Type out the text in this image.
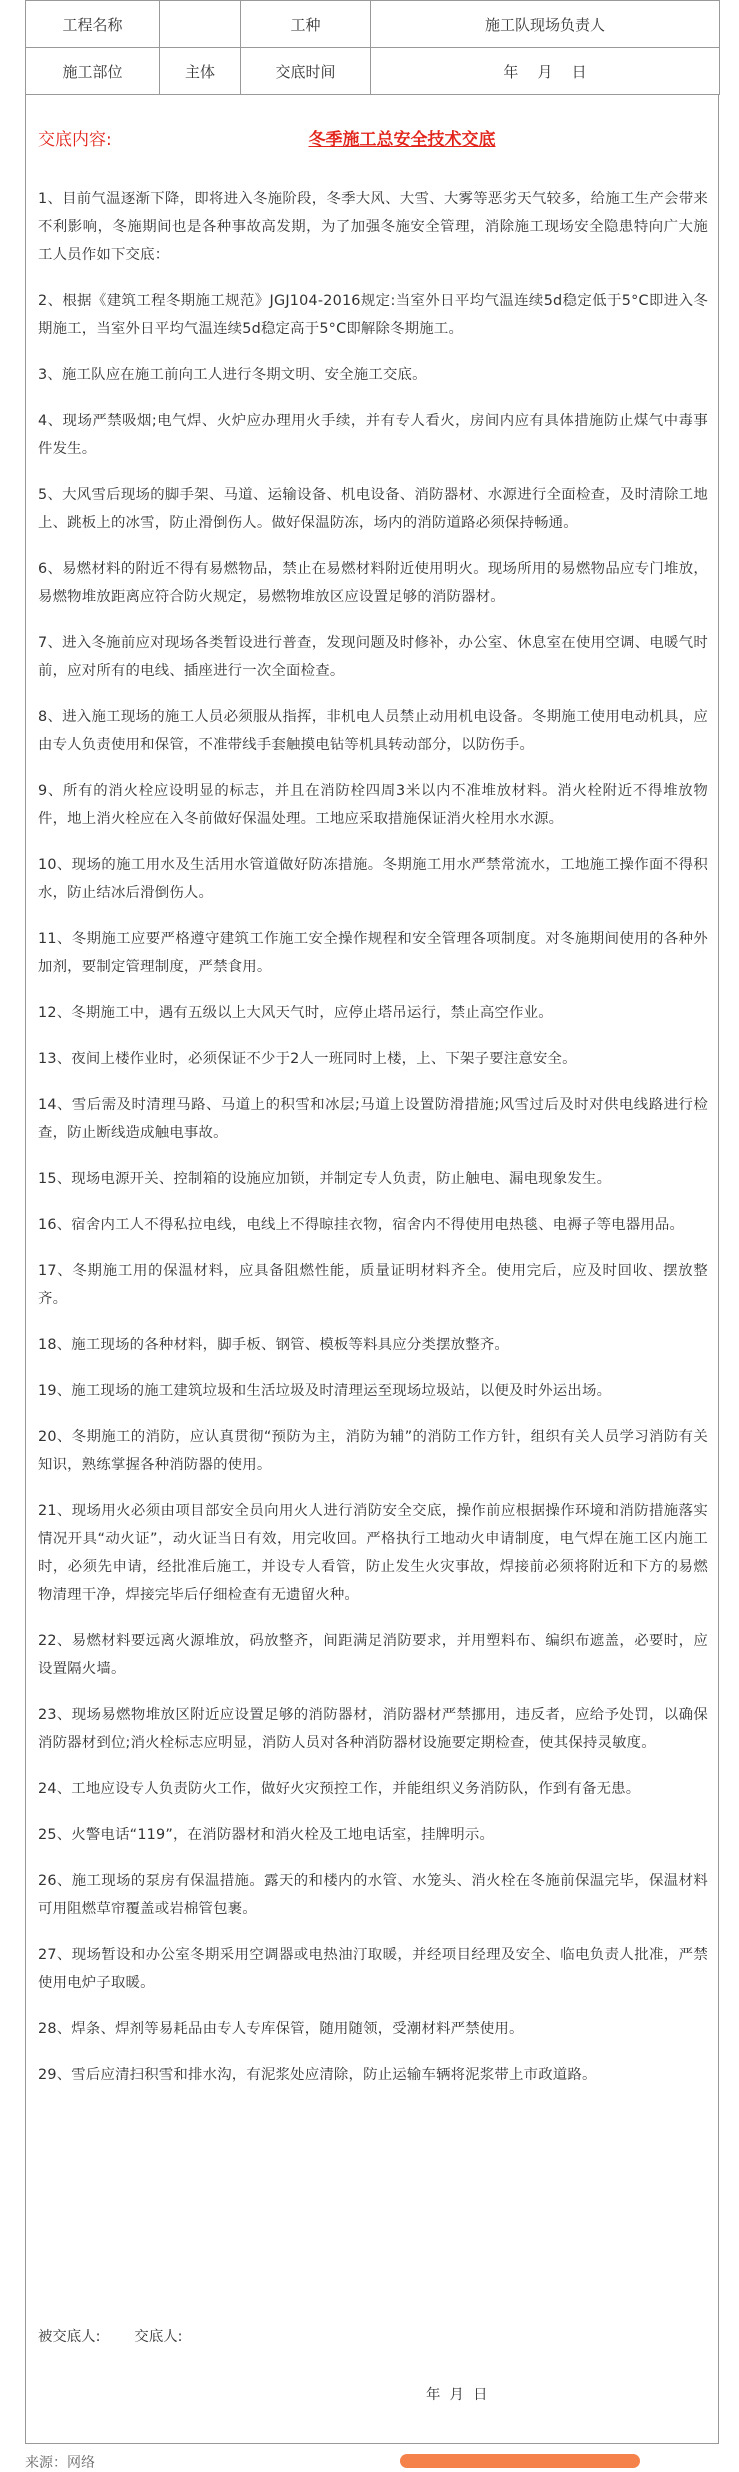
工程名称		工种	施工队现场负责人
施工部位	主体	交底时间	年    月    日
交底内容:	冬季施工总安全技术交底

1、目前气温逐渐下降，即将进入冬施阶段，冬季大风、大雪、大雾等恶劣天气较多，给施工生产会带来不利影响，冬施期间也是各种事故高发期，为了加强冬施安全管理，消除施工现场安全隐患特向广大施工人员作如下交底：

2、根据《建筑工程冬期施工规范》JGJ104-2016规定:当室外日平均气温连续5d稳定低于5°C即进入冬期施工，当室外日平均气温连续5d稳定高于5°C即解除冬期施工。

3、施工队应在施工前向工人进行冬期文明、安全施工交底。

4、现场严禁吸烟;电气焊、火炉应办理用火手续，并有专人看火，房间内应有具体措施防止煤气中毒事件发生。

5、大风雪后现场的脚手架、马道、运输设备、机电设备、消防器材、水源进行全面检查，及时清除工地上、跳板上的冰雪，防止滑倒伤人。做好保温防冻，场内的消防道路必须保持畅通。

6、易燃材料的附近不得有易燃物品，禁止在易燃材料附近使用明火。现场所用的易燃物品应专门堆放，易燃物堆放距离应符合防火规定，易燃物堆放区应设置足够的消防器材。

7、进入冬施前应对现场各类暂设进行普查，发现问题及时修补，办公室、休息室在使用空调、电暖气时前，应对所有的电线、插座进行一次全面检查。

8、进入施工现场的施工人员必须服从指挥，非机电人员禁止动用机电设备。冬期施工使用电动机具，应由专人负责使用和保管，不准带线手套触摸电钻等机具转动部分，以防伤手。

9、所有的消火栓应设明显的标志，并且在消防栓四周3米以内不准堆放材料。消火栓附近不得堆放物件，地上消火栓应在入冬前做好保温处理。工地应采取措施保证消火栓用水水源。

10、现场的施工用水及生活用水管道做好防冻措施。冬期施工用水严禁常流水，工地施工操作面不得积水，防止结冰后滑倒伤人。

11、冬期施工应要严格遵守建筑工作施工安全操作规程和安全管理各项制度。对冬施期间使用的各种外加剂，要制定管理制度，严禁食用。

12、冬期施工中，遇有五级以上大风天气时，应停止塔吊运行，禁止高空作业。

13、夜间上楼作业时，必须保证不少于2人一班同时上楼，上、下架子要注意安全。

14、雪后需及时清理马路、马道上的积雪和冰层;马道上设置防滑措施;风雪过后及时对供电线路进行检查，防止断线造成触电事故。

15、现场电源开关、控制箱的设施应加锁，并制定专人负责，防止触电、漏电现象发生。

16、宿舍内工人不得私拉电线，电线上不得晾挂衣物，宿舍内不得使用电热毯、电褥子等电器用品。

17、冬期施工用的保温材料，应具备阻燃性能，质量证明材料齐全。使用完后，应及时回收、摆放整齐。

18、施工现场的各种材料，脚手板、钢管、模板等料具应分类摆放整齐。

19、施工现场的施工建筑垃圾和生活垃圾及时清理运至现场垃圾站，以便及时外运出场。

20、冬期施工的消防，应认真贯彻“预防为主，消防为辅”的消防工作方针，组织有关人员学习消防有关知识，熟练掌握各种消防器的使用。

21、现场用火必须由项目部安全员向用火人进行消防安全交底，操作前应根据操作环境和消防措施落实情况开具“动火证”，动火证当日有效，用完收回。严格执行工地动火申请制度，电气焊在施工区内施工时，必须先申请，经批准后施工，并设专人看管，防止发生火灾事故，焊接前必须将附近和下方的易燃物清理干净，焊接完毕后仔细检查有无遗留火种。

22、易燃材料要远离火源堆放，码放整齐，间距满足消防要求，并用塑料布、编织布遮盖，必要时，应设置隔火墙。

23、现场易燃物堆放区附近应设置足够的消防器材，消防器材严禁挪用，违反者，应给予处罚，以确保消防器材到位;消火栓标志应明显，消防人员对各种消防器材设施要定期检查，使其保持灵敏度。

24、工地应设专人负责防火工作，做好火灾预控工作，并能组织义务消防队，作到有备无患。

25、火警电话“119”，在消防器材和消火栓及工地电话室，挂牌明示。

26、施工现场的泵房有保温措施。露天的和楼内的水管、水笼头、消火栓在冬施前保温完毕，保温材料可用阻燃草帘覆盖或岩棉管包裹。

27、现场暂设和办公室冬期采用空调器或电热油汀取暖，并经项目经理及安全、临电负责人批准，严禁使用电炉子取暖。

28、焊条、焊剂等易耗品由专人专库保管，随用随领，受潮材料严禁使用。

29、雪后应清扫积雪和排水沟，有泥浆处应清除，防止运输车辆将泥浆带上市政道路。

被交底人: 交底人:
年  月  日
来源：网络
